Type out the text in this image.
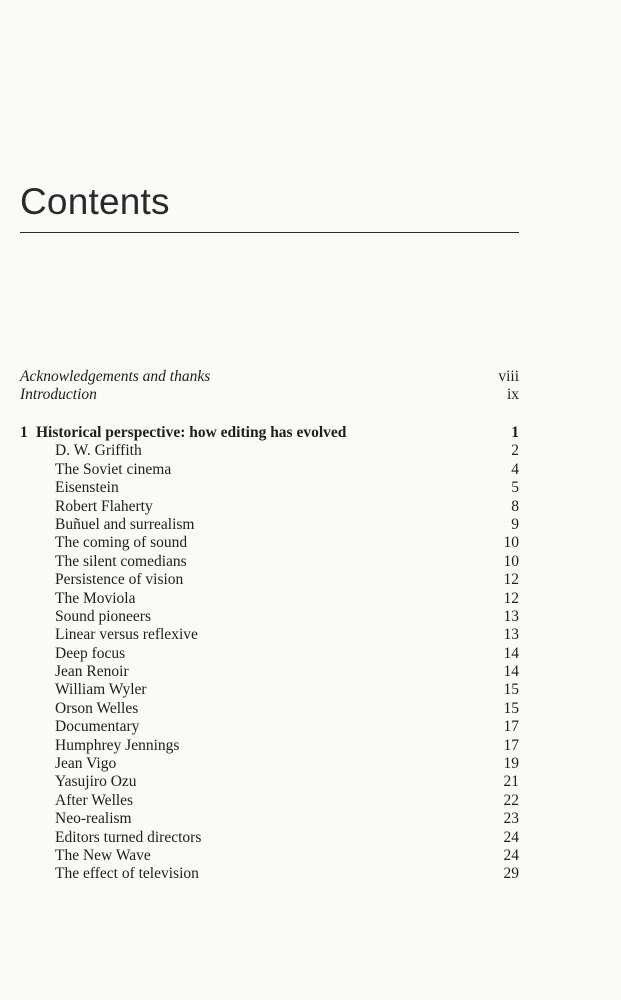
Contents
Acknowledgements and thanks	viii
Introduction	ix
1 Historical perspective: how editing has evolved	1
D. W. Griffith	2
The Soviet cinema	4
Eisenstein	5
Robert Flaherty	8
Buñuel and surrealism	9
The coming of sound	10
The silent comedians	10
Persistence of vision	12
The Moviola	12
Sound pioneers	13
Linear versus reflexive	13
Deep focus	14
Jean Renoir	14
William Wyler	15
Orson Welles	15
Documentary	17
Humphrey Jennings	17
Jean Vigo	19
Yasujiro Ozu	21
After Welles	22
Neo-realism	23
Editors turned directors	24
The New Wave	24
The effect of television	29
